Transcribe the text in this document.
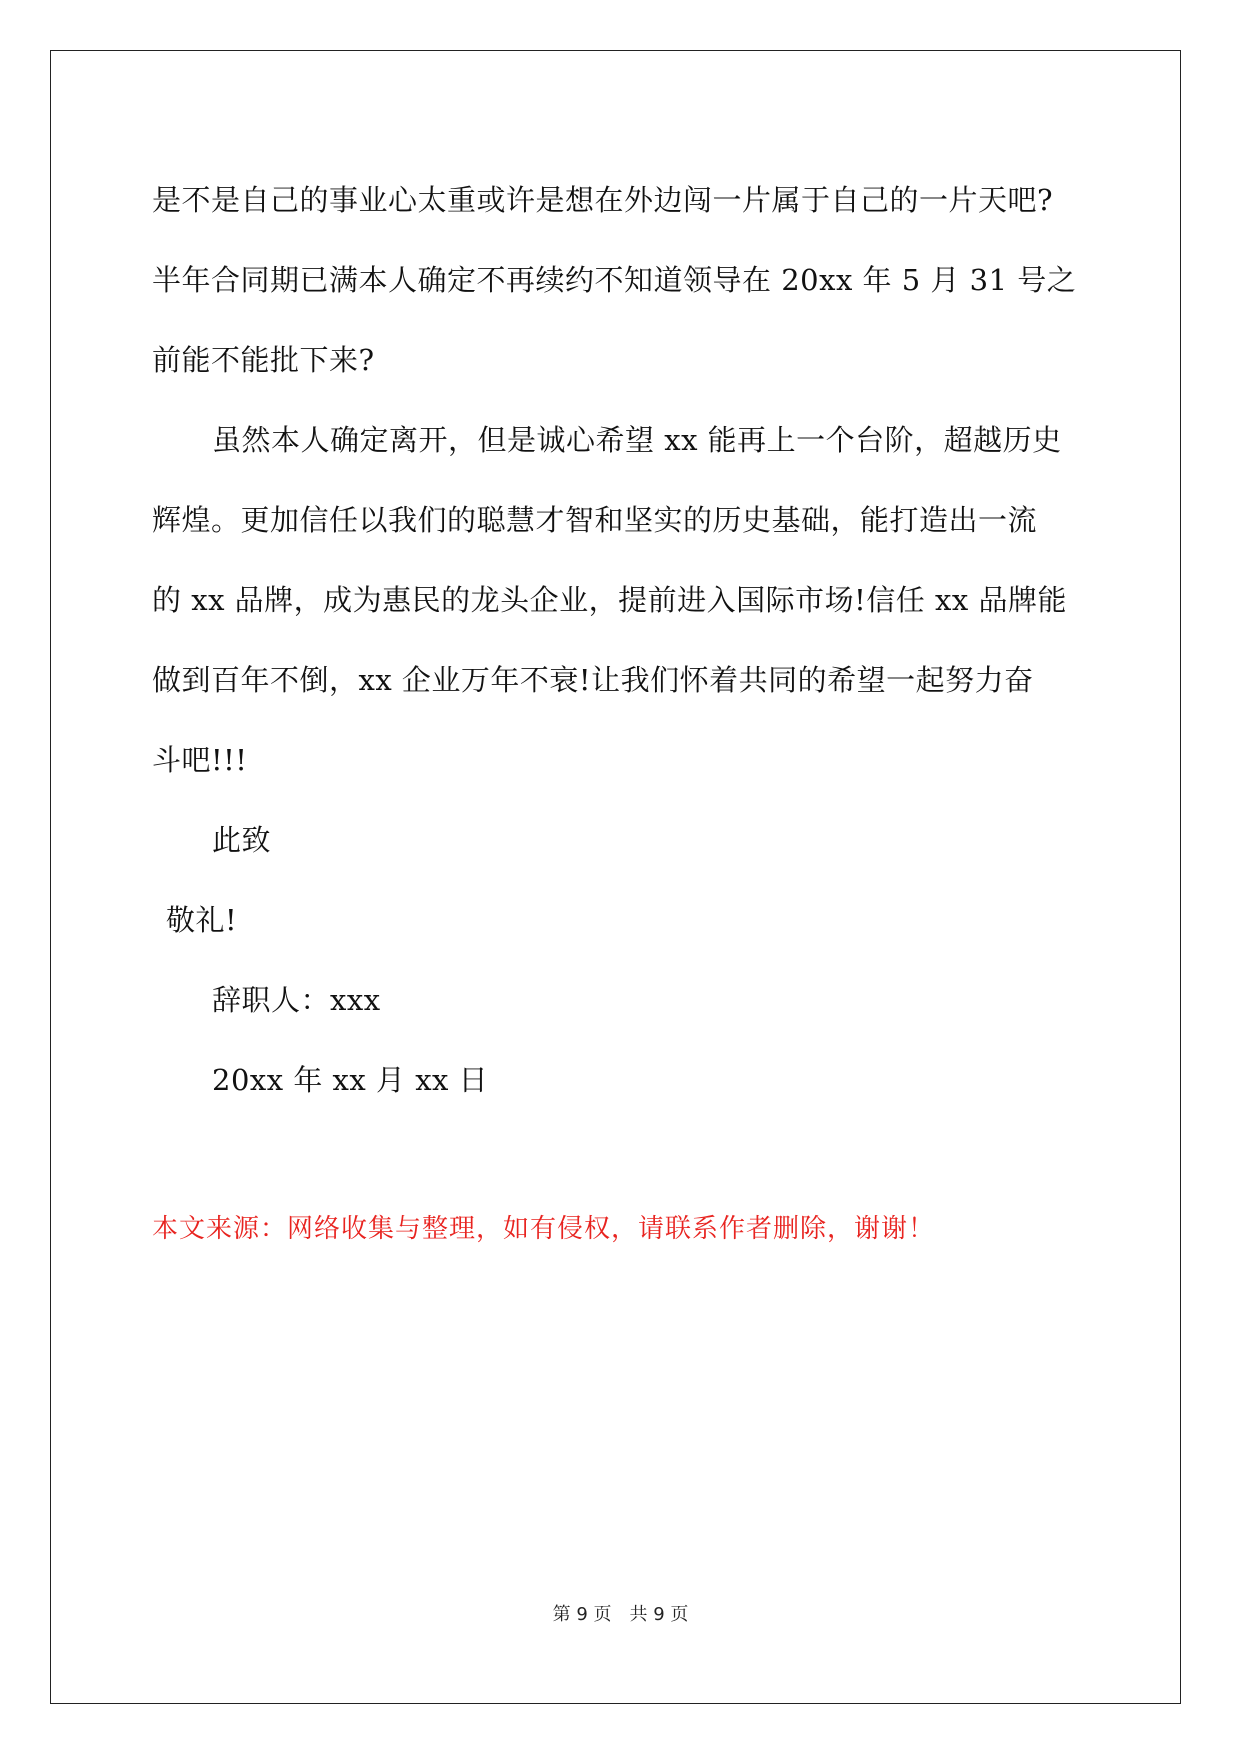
是不是自己的事业心太重或许是想在外边闯一片属于自己的一片天吧?
半年合同期已满本人确定不再续约不知道领导在 20xx 年 5 月 31 号之
前能不能批下来?
虽然本人确定离开，但是诚心希望 xx 能再上一个台阶，超越历史
辉煌。更加信任以我们的聪慧才智和坚实的历史基础，能打造出一流
的 xx 品牌，成为惠民的龙头企业，提前进入国际市场!信任 xx 品牌能
做到百年不倒，xx 企业万年不衰!让我们怀着共同的希望一起努力奋
斗吧!!!
此致
敬礼!
辞职人：xxx
20xx 年 xx 月 xx 日
本文来源：网络收集与整理，如有侵权，请联系作者删除，谢谢！
第 9 页　共 9 页
